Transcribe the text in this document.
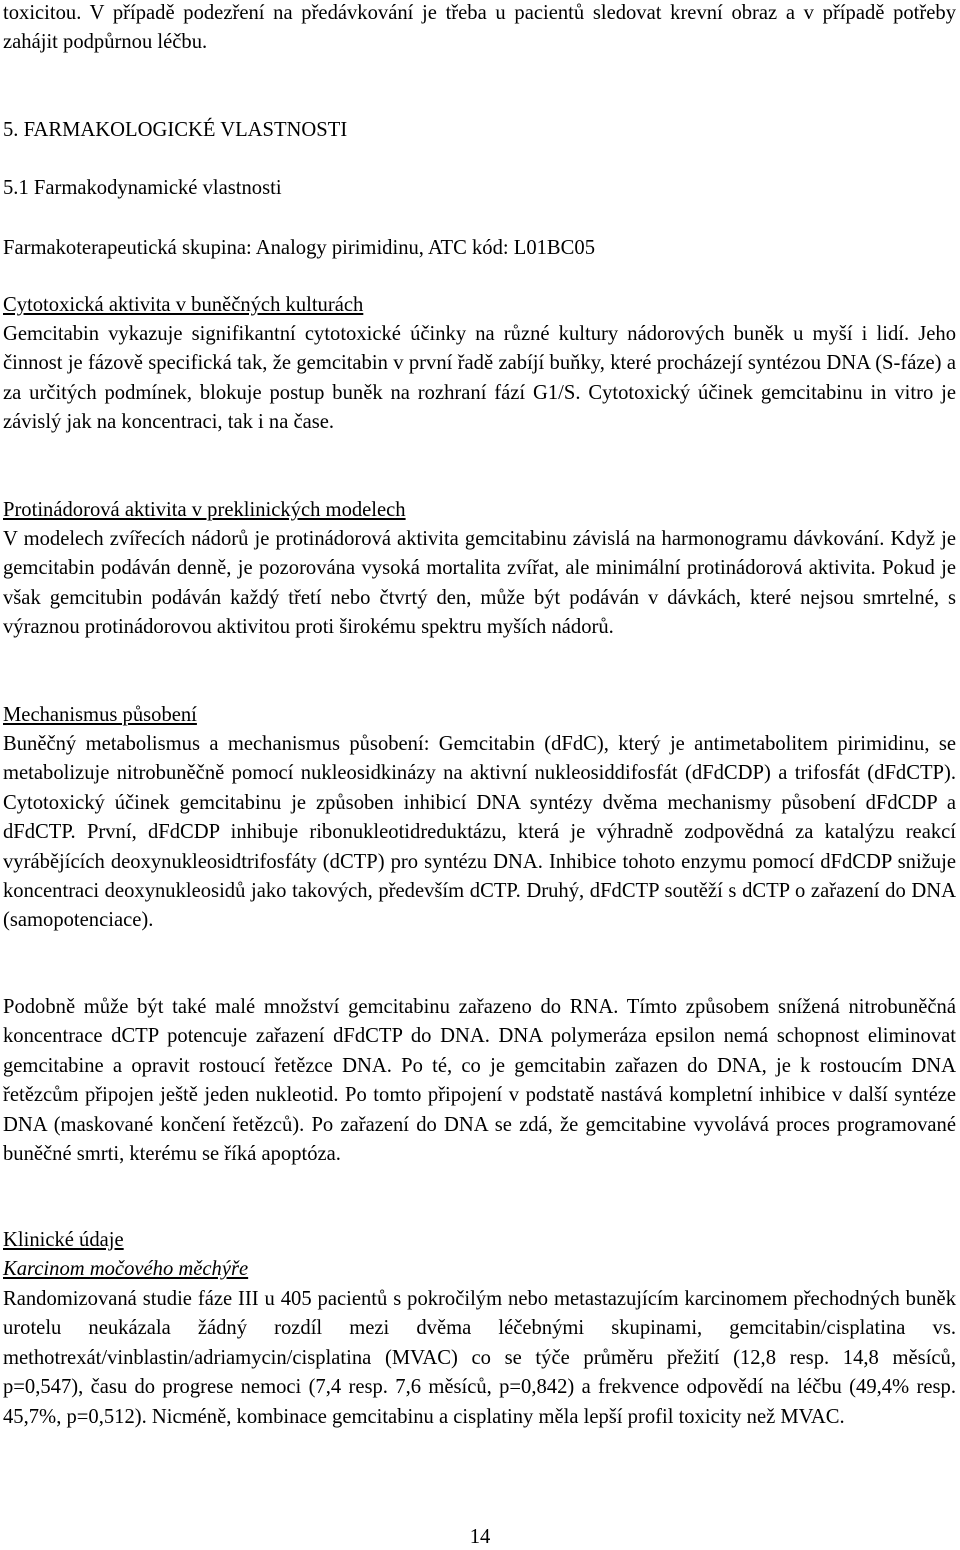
toxicitou. V případě podezření na předávkování je třeba u pacientů sledovat krevní obraz a v případě potřeby zahájit podpůrnou léčbu.

5. FARMAKOLOGICKÉ VLASTNOSTI

5.1 Farmakodynamické vlastnosti

Farmakoterapeutická skupina: Analogy pirimidinu, ATC kód: L01BC05

Cytotoxická aktivita v buněčných kulturách

Gemcitabin vykazuje signifikantní cytotoxické účinky na různé kultury nádorových buněk u myší i lidí. Jeho činnost je fázově specifická tak, že gemcitabin v první řadě zabíjí buňky, které procházejí syntézou DNA (S-fáze) a za určitých podmínek, blokuje postup buněk na rozhraní fází G1/S. Cytotoxický účinek gemcitabinu in vitro je závislý jak na koncentraci, tak i na čase.

Protinádorová aktivita v preklinických modelech

V modelech zvířecích nádorů je protinádorová aktivita gemcitabinu závislá na harmonogramu dávkování. Když je gemcitabin podáván denně, je pozorována vysoká mortalita zvířat, ale minimální protinádorová aktivita. Pokud je však gemcitubin podáván každý třetí nebo čtvrtý den, může být podáván v dávkách, které nejsou smrtelné, s výraznou protinádorovou aktivitou proti širokému spektru myších nádorů.

Mechanismus působení

Buněčný metabolismus a mechanismus působení: Gemcitabin (dFdC), který je antimetabolitem pirimidinu, se metabolizuje nitrobuněčně pomocí nukleosidkinázy na aktivní nukleosiddifosfát (dFdCDP) a trifosfát (dFdCTP). Cytotoxický účinek gemcitabinu je způsoben inhibicí DNA syntézy dvěma mechanismy působení dFdCDP a dFdCTP. První, dFdCDP inhibuje ribonukleotidreduktázu, která je výhradně zodpovědná za katalýzu reakcí vyrábějících deoxynukleosidtrifosfáty (dCTP) pro syntézu DNA. Inhibice tohoto enzymu pomocí dFdCDP snižuje koncentraci deoxynukleosidů jako takových, především dCTP. Druhý, dFdCTP soutěží s dCTP o zařazení do DNA (samopotenciace).

Podobně může být také malé množství gemcitabinu zařazeno do RNA. Tímto způsobem snížená nitrobuněčná koncentrace dCTP potencuje zařazení dFdCTP do DNA. DNA polymeráza epsilon nemá schopnost eliminovat gemcitabine a opravit rostoucí řetězce DNA. Po té, co je gemcitabin zařazen do DNA, je k rostoucím DNA řetězcům připojen ještě jeden nukleotid. Po tomto připojení v podstatě nastává kompletní inhibice v další syntéze DNA (maskované končení řetězců). Po zařazení do DNA se zdá, že gemcitabine vyvolává proces programované buněčné smrti, kterému se říká apoptóza.

Klinické údaje

Karcinom močového měchýře

Randomizovaná studie fáze III u 405 pacientů s pokročilým nebo metastazujícím karcinomem přechodných buněk urotelu neukázala žádný rozdíl mezi dvěma léčebnými skupinami, gemcitabin/cisplatina vs. methotrexát/vinblastin/adriamycin/cisplatina (MVAC) co se týče průměru přežití (12,8 resp. 14,8 měsíců, p=0,547), času do progrese nemoci (7,4 resp. 7,6 měsíců, p=0,842) a frekvence odpovědí na léčbu (49,4% resp. 45,7%, p=0,512). Nicméně, kombinace gemcitabinu a cisplatiny měla lepší profil toxicity než MVAC.

14
